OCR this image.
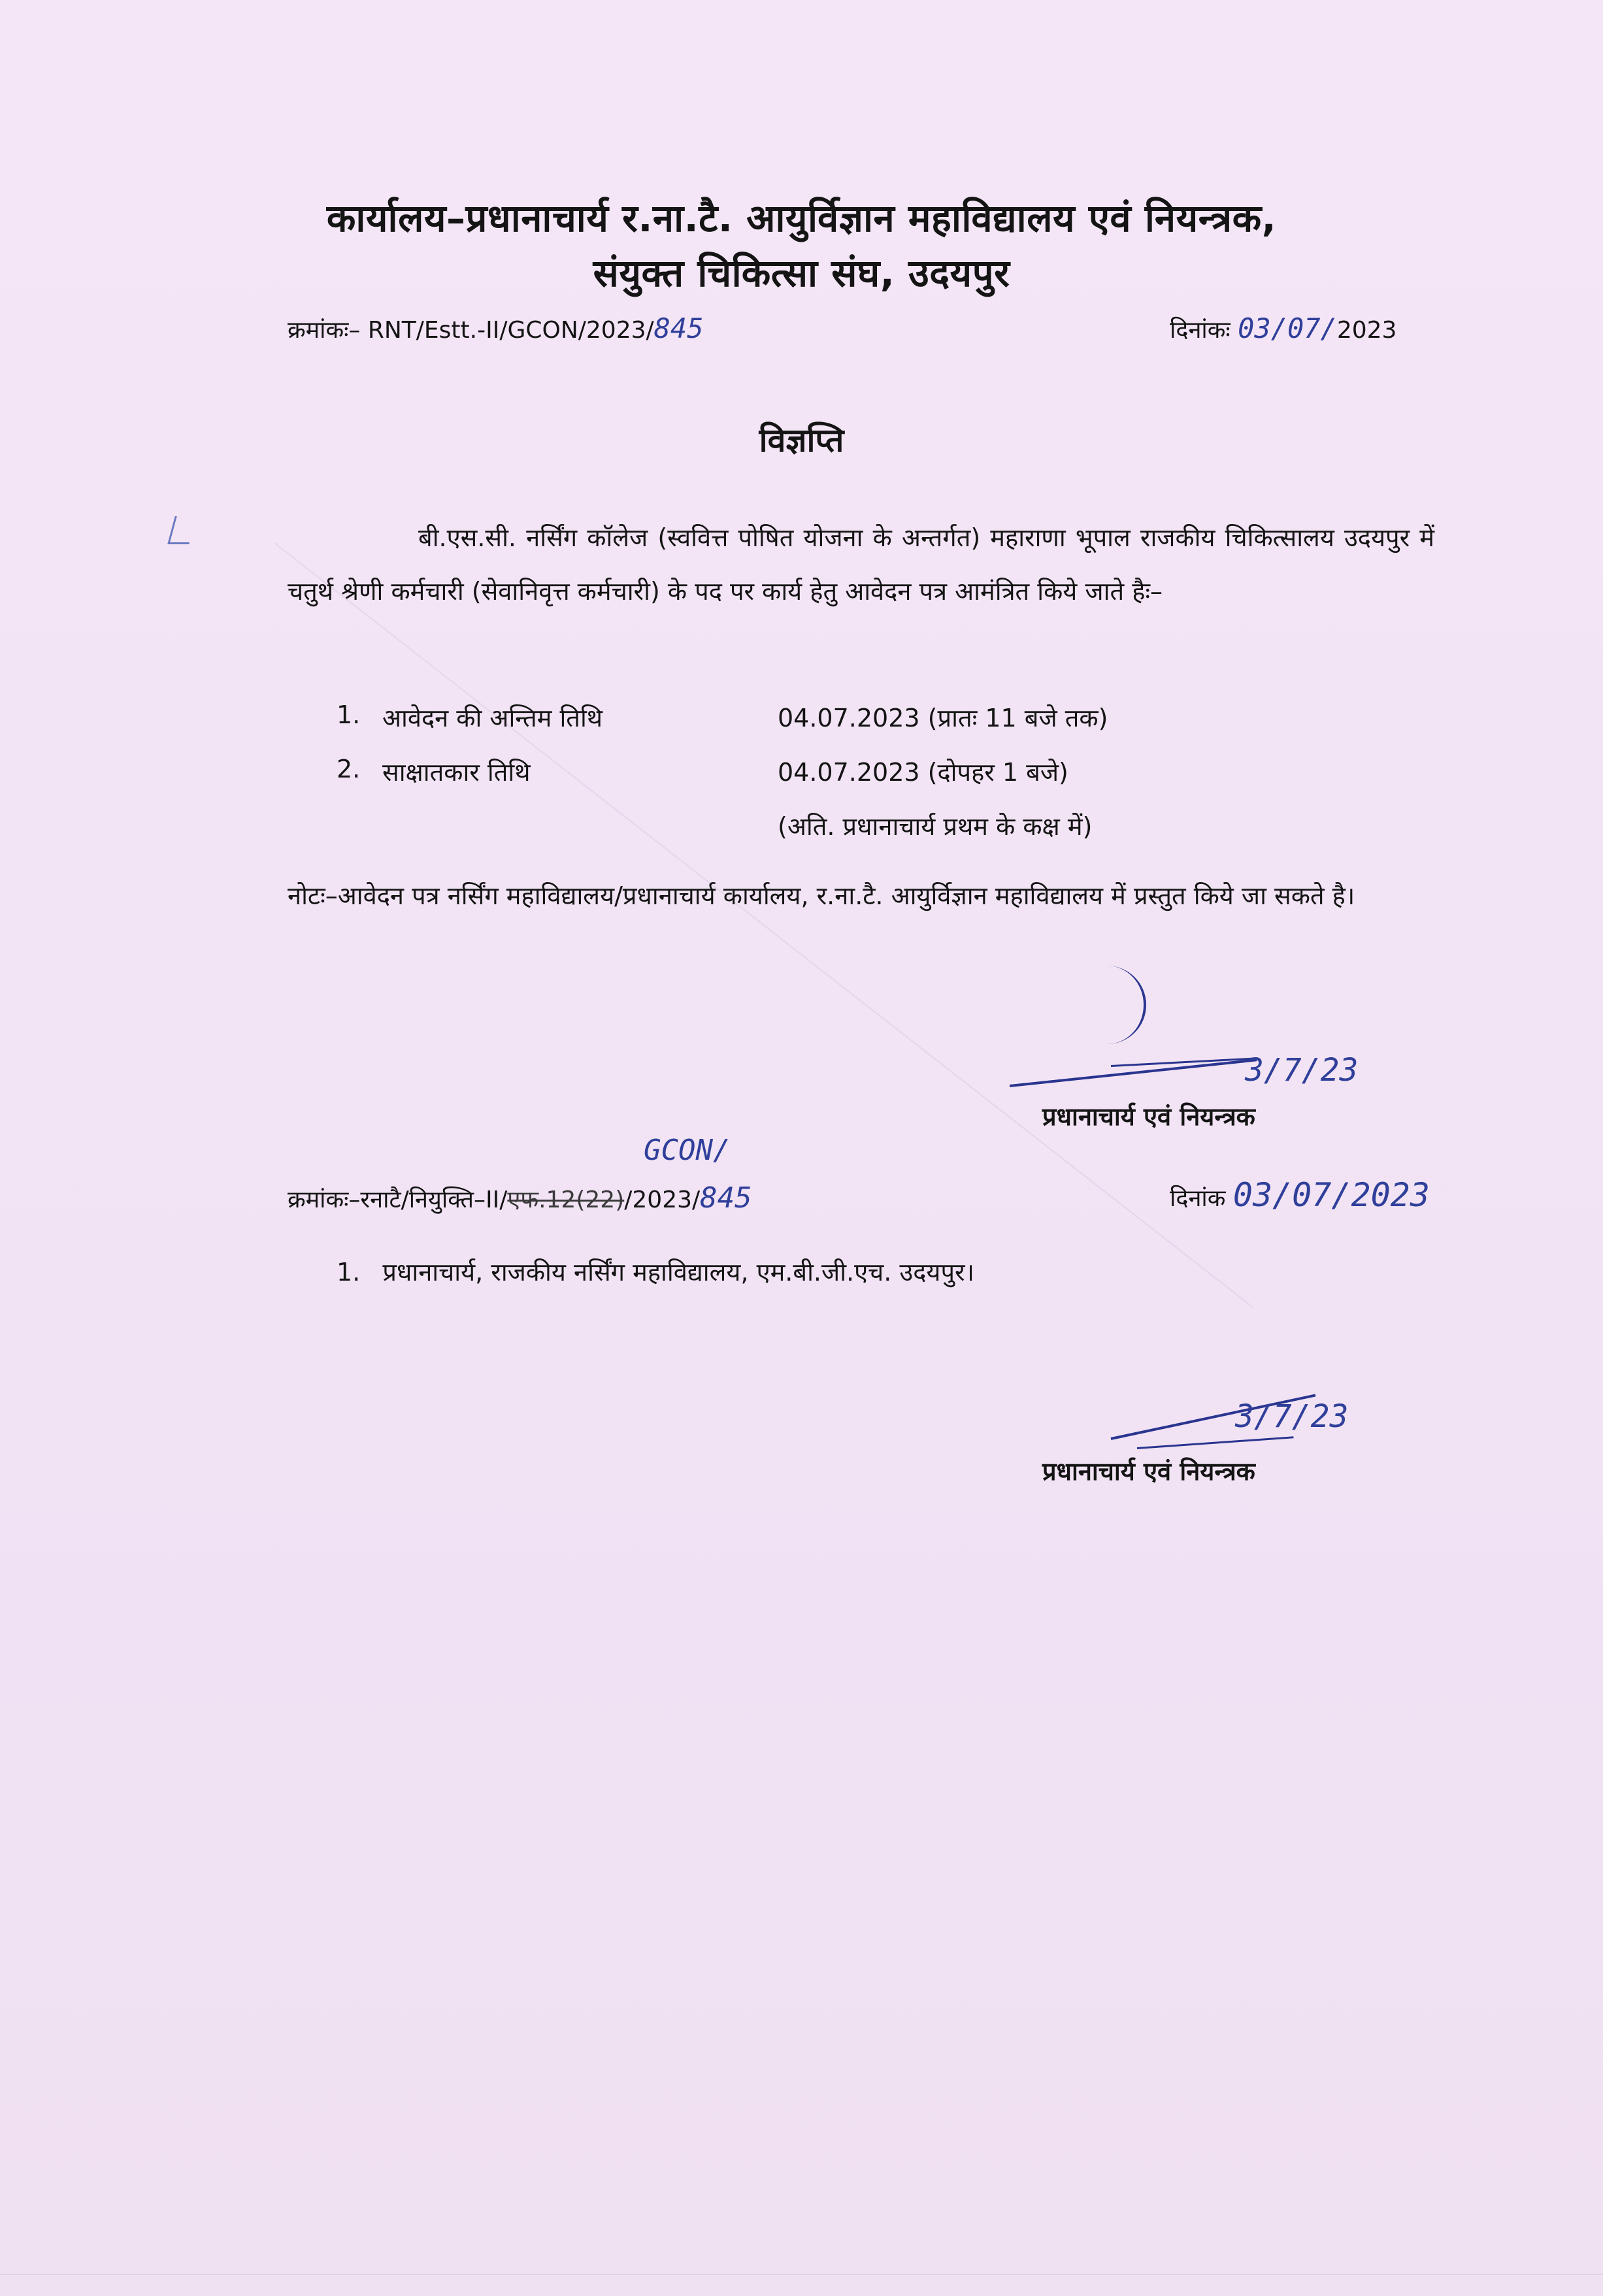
कार्यालय–प्रधानाचार्य र.ना.टै. आयुर्विज्ञान महाविद्यालय एवं नियन्त्रक,
संयुक्त चिकित्सा संघ, उदयपुर
क्रमांकः– RNT/Estt.-II/GCON/2023/845	दिनांकः 03/07/2023
विज्ञप्ति
बी.एस.सी. नर्सिंग कॉलेज (स्ववित्त पोषित योजना के अन्तर्गत) महाराणा भूपाल राजकीय चिकित्सालय उदयपुर में चतुर्थ श्रेणी कर्मचारी (सेवानिवृत्त कर्मचारी) के पद पर कार्य हेतु आवेदन पत्र आमंत्रित किये जाते हैः–
1. आवेदन की अन्तिम तिथि	04.07.2023 (प्रातः 11 बजे तक)
2. साक्षातकार तिथि	04.07.2023 (दोपहर 1 बजे)
(अति. प्रधानाचार्य प्रथम के कक्ष में)
नोटः–आवेदन पत्र नर्सिंग महाविद्यालय/प्रधानाचार्य कार्यालय, र.ना.टै. आयुर्विज्ञान महाविद्यालय में प्रस्तुत किये जा सकते है।
3/7/23
प्रधानाचार्य एवं नियन्त्रक
GCON/
क्रमांकः–रनाटै/नियुक्ति–II/एफ.12(22)/2023/845	दिनांक 03/07/2023
1. प्रधानाचार्य, राजकीय नर्सिंग महाविद्यालय, एम.बी.जी.एच. उदयपुर।
3/7/23
प्रधानाचार्य एवं नियन्त्रक
